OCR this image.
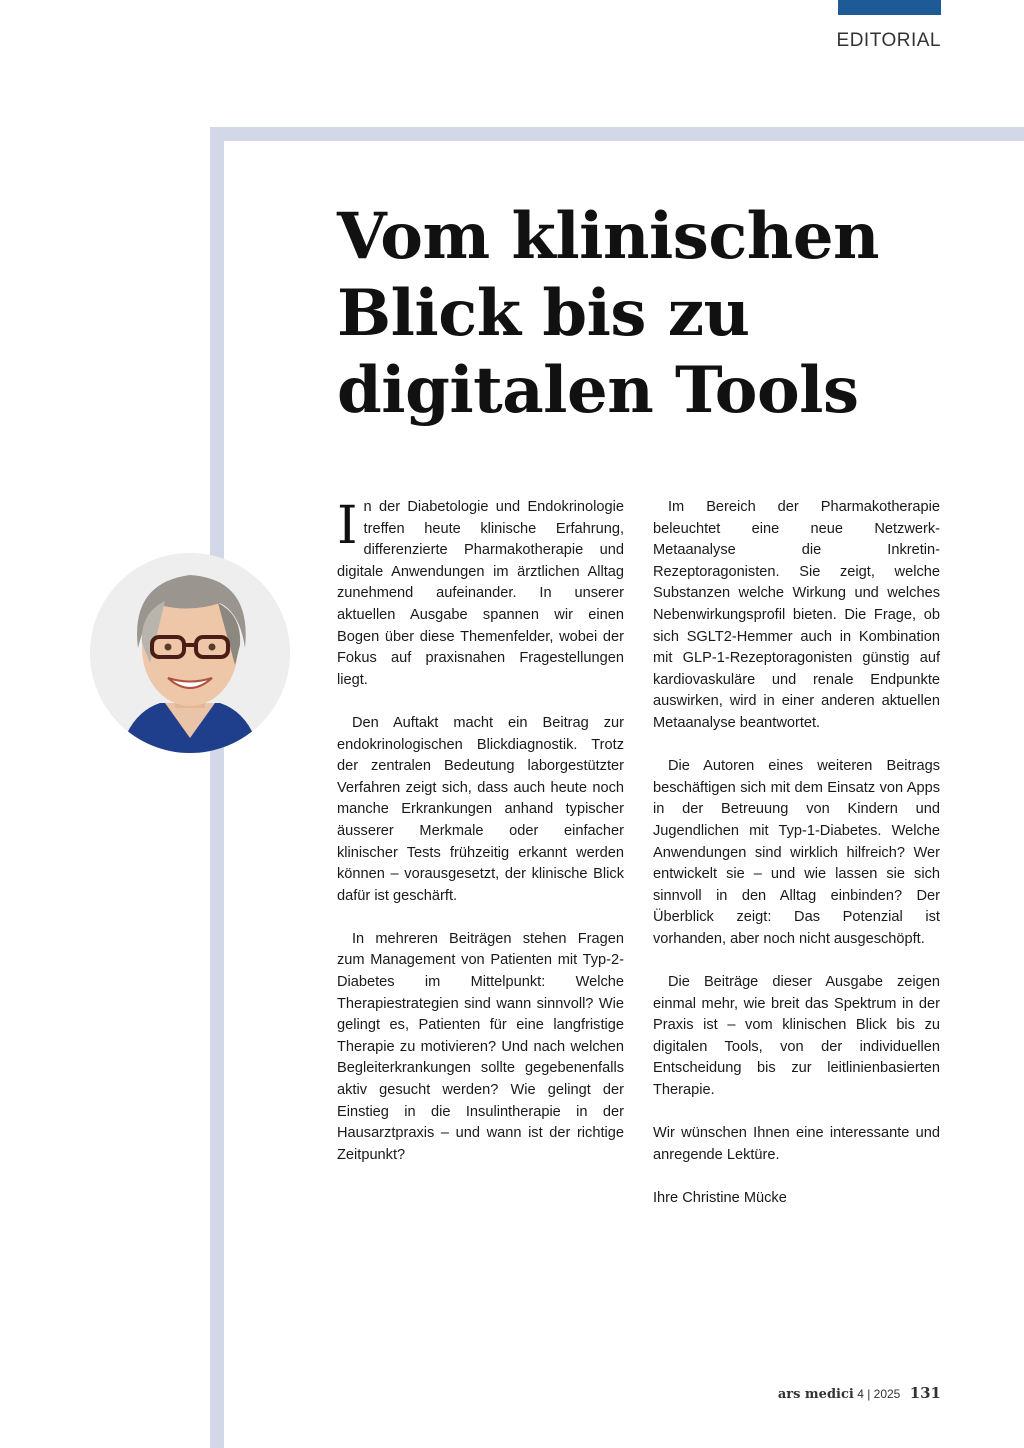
EDITORIAL
Vom klinischen Blick bis zu digitalen Tools

In der Diabetologie und Endokrinologie treffen heute klinische Erfahrung, differenzierte Pharmakotherapie und digitale Anwendungen im ärztlichen Alltag zunehmend aufeinander. In unserer aktuellen Ausgabe spannen wir einen Bogen über diese Themenfelder, wobei der Fokus auf praxisnahen Fragestellungen liegt.

Den Auftakt macht ein Beitrag zur endokrinologischen Blickdiagnostik. Trotz der zentralen Bedeutung laborgestützter Verfahren zeigt sich, dass auch heute noch manche Erkrankungen anhand typischer äusserer Merkmale oder einfacher klinischer Tests frühzeitig erkannt werden können – vorausgesetzt, der klinische Blick dafür ist geschärft.

In mehreren Beiträgen stehen Fragen zum Management von Patienten mit Typ-2-Diabetes im Mittelpunkt: Welche Therapiestrategien sind wann sinnvoll? Wie gelingt es, Patienten für eine langfristige Therapie zu motivieren? Und nach welchen Begleiterkrankungen sollte gegebenenfalls aktiv gesucht werden? Wie gelingt der Einstieg in die Insulintherapie in der Hausarztpraxis – und wann ist der richtige Zeitpunkt?

Im Bereich der Pharmakotherapie beleuchtet eine neue Netzwerk-Metaanalyse die Inkretin-Rezeptoragonisten. Sie zeigt, welche Substanzen welche Wirkung und welches Nebenwirkungsprofil bieten. Die Frage, ob sich SGLT2-Hemmer auch in Kombination mit GLP-1-Rezeptoragonisten günstig auf kardiovaskuläre und renale Endpunkte auswirken, wird in einer anderen aktuellen Metaanalyse beantwortet.

Die Autoren eines weiteren Beitrags beschäftigen sich mit dem Einsatz von Apps in der Betreuung von Kindern und Jugendlichen mit Typ-1-Diabetes. Welche Anwendungen sind wirklich hilfreich? Wer entwickelt sie – und wie lassen sie sich sinnvoll in den Alltag einbinden? Der Überblick zeigt: Das Potenzial ist vorhanden, aber noch nicht ausgeschöpft.

Die Beiträge dieser Ausgabe zeigen einmal mehr, wie breit das Spektrum in der Praxis ist – vom klinischen Blick bis zu digitalen Tools, von der individuellen Entscheidung bis zur leitlinienbasierten Therapie.

Wir wünschen Ihnen eine interessante und anregende Lektüre.

Ihre Christine Mücke

ars medici 4 | 2025 131
